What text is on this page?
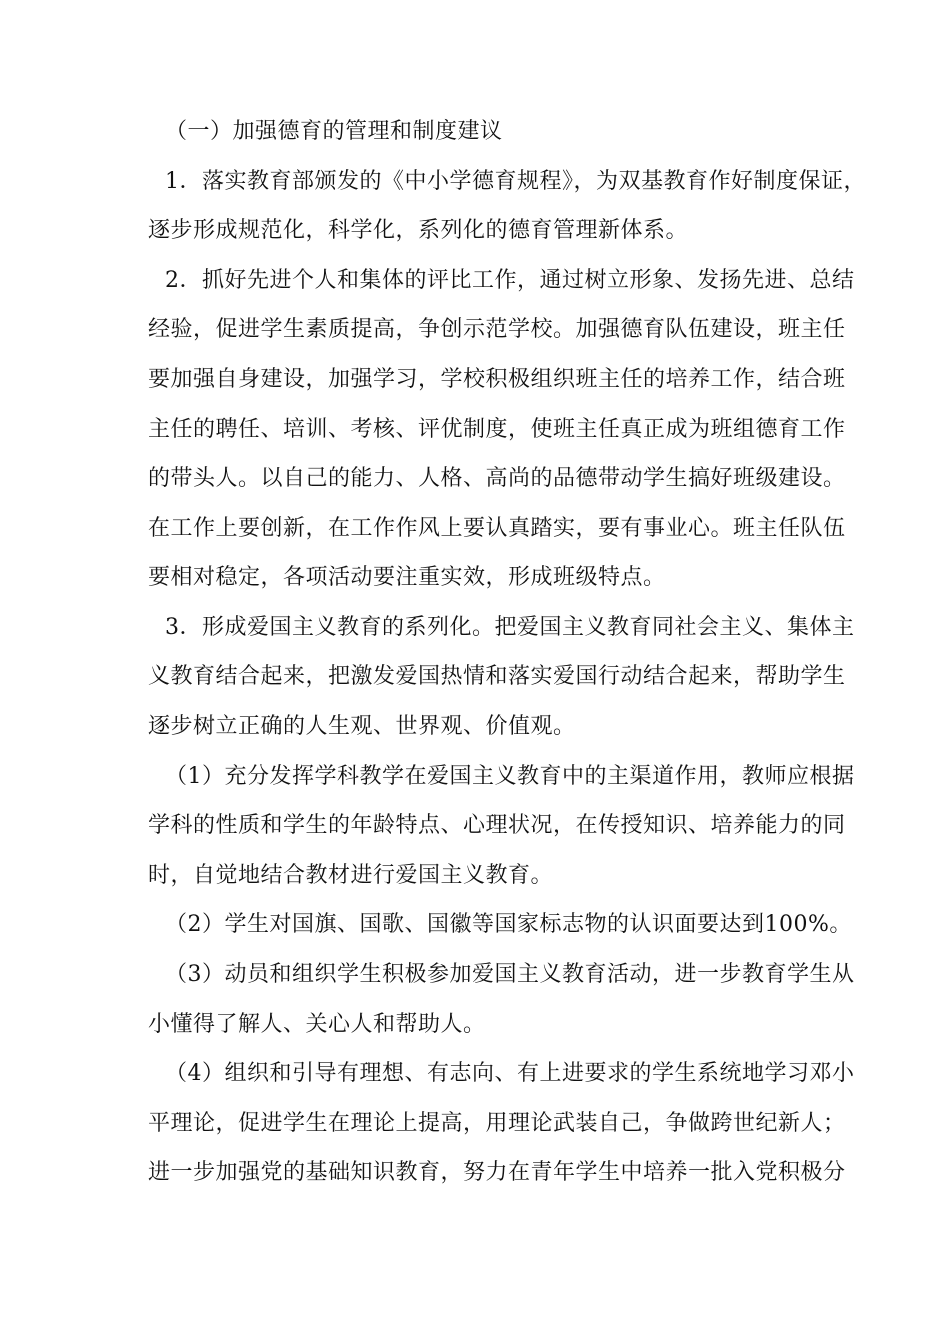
（一）加强德育的管理和制度建议
1．落实教育部颁发的《中小学德育规程》，为双基教育作好制度保证，
逐步形成规范化，科学化，系列化的德育管理新体系。
2．抓好先进个人和集体的评比工作，通过树立形象、发扬先进、总结
经验，促进学生素质提高，争创示范学校。加强德育队伍建设，班主任
要加强自身建设，加强学习，学校积极组织班主任的培养工作，结合班
主任的聘任、培训、考核、评优制度，使班主任真正成为班组德育工作
的带头人。以自己的能力、人格、高尚的品德带动学生搞好班级建设。
在工作上要创新，在工作作风上要认真踏实，要有事业心。班主任队伍
要相对稳定，各项活动要注重实效，形成班级特点。
3．形成爱国主义教育的系列化。把爱国主义教育同社会主义、集体主
义教育结合起来，把激发爱国热情和落实爱国行动结合起来，帮助学生
逐步树立正确的人生观、世界观、价值观。
（1）充分发挥学科教学在爱国主义教育中的主渠道作用，教师应根据
学科的性质和学生的年龄特点、心理状况，在传授知识、培养能力的同
时，自觉地结合教材进行爱国主义教育。
（2）学生对国旗、国歌、国徽等国家标志物的认识面要达到100%。
（3）动员和组织学生积极参加爱国主义教育活动，进一步教育学生从
小懂得了解人、关心人和帮助人。
（4）组织和引导有理想、有志向、有上进要求的学生系统地学习邓小
平理论，促进学生在理论上提高，用理论武装自己，争做跨世纪新人；
进一步加强党的基础知识教育，努力在青年学生中培养一批入党积极分
